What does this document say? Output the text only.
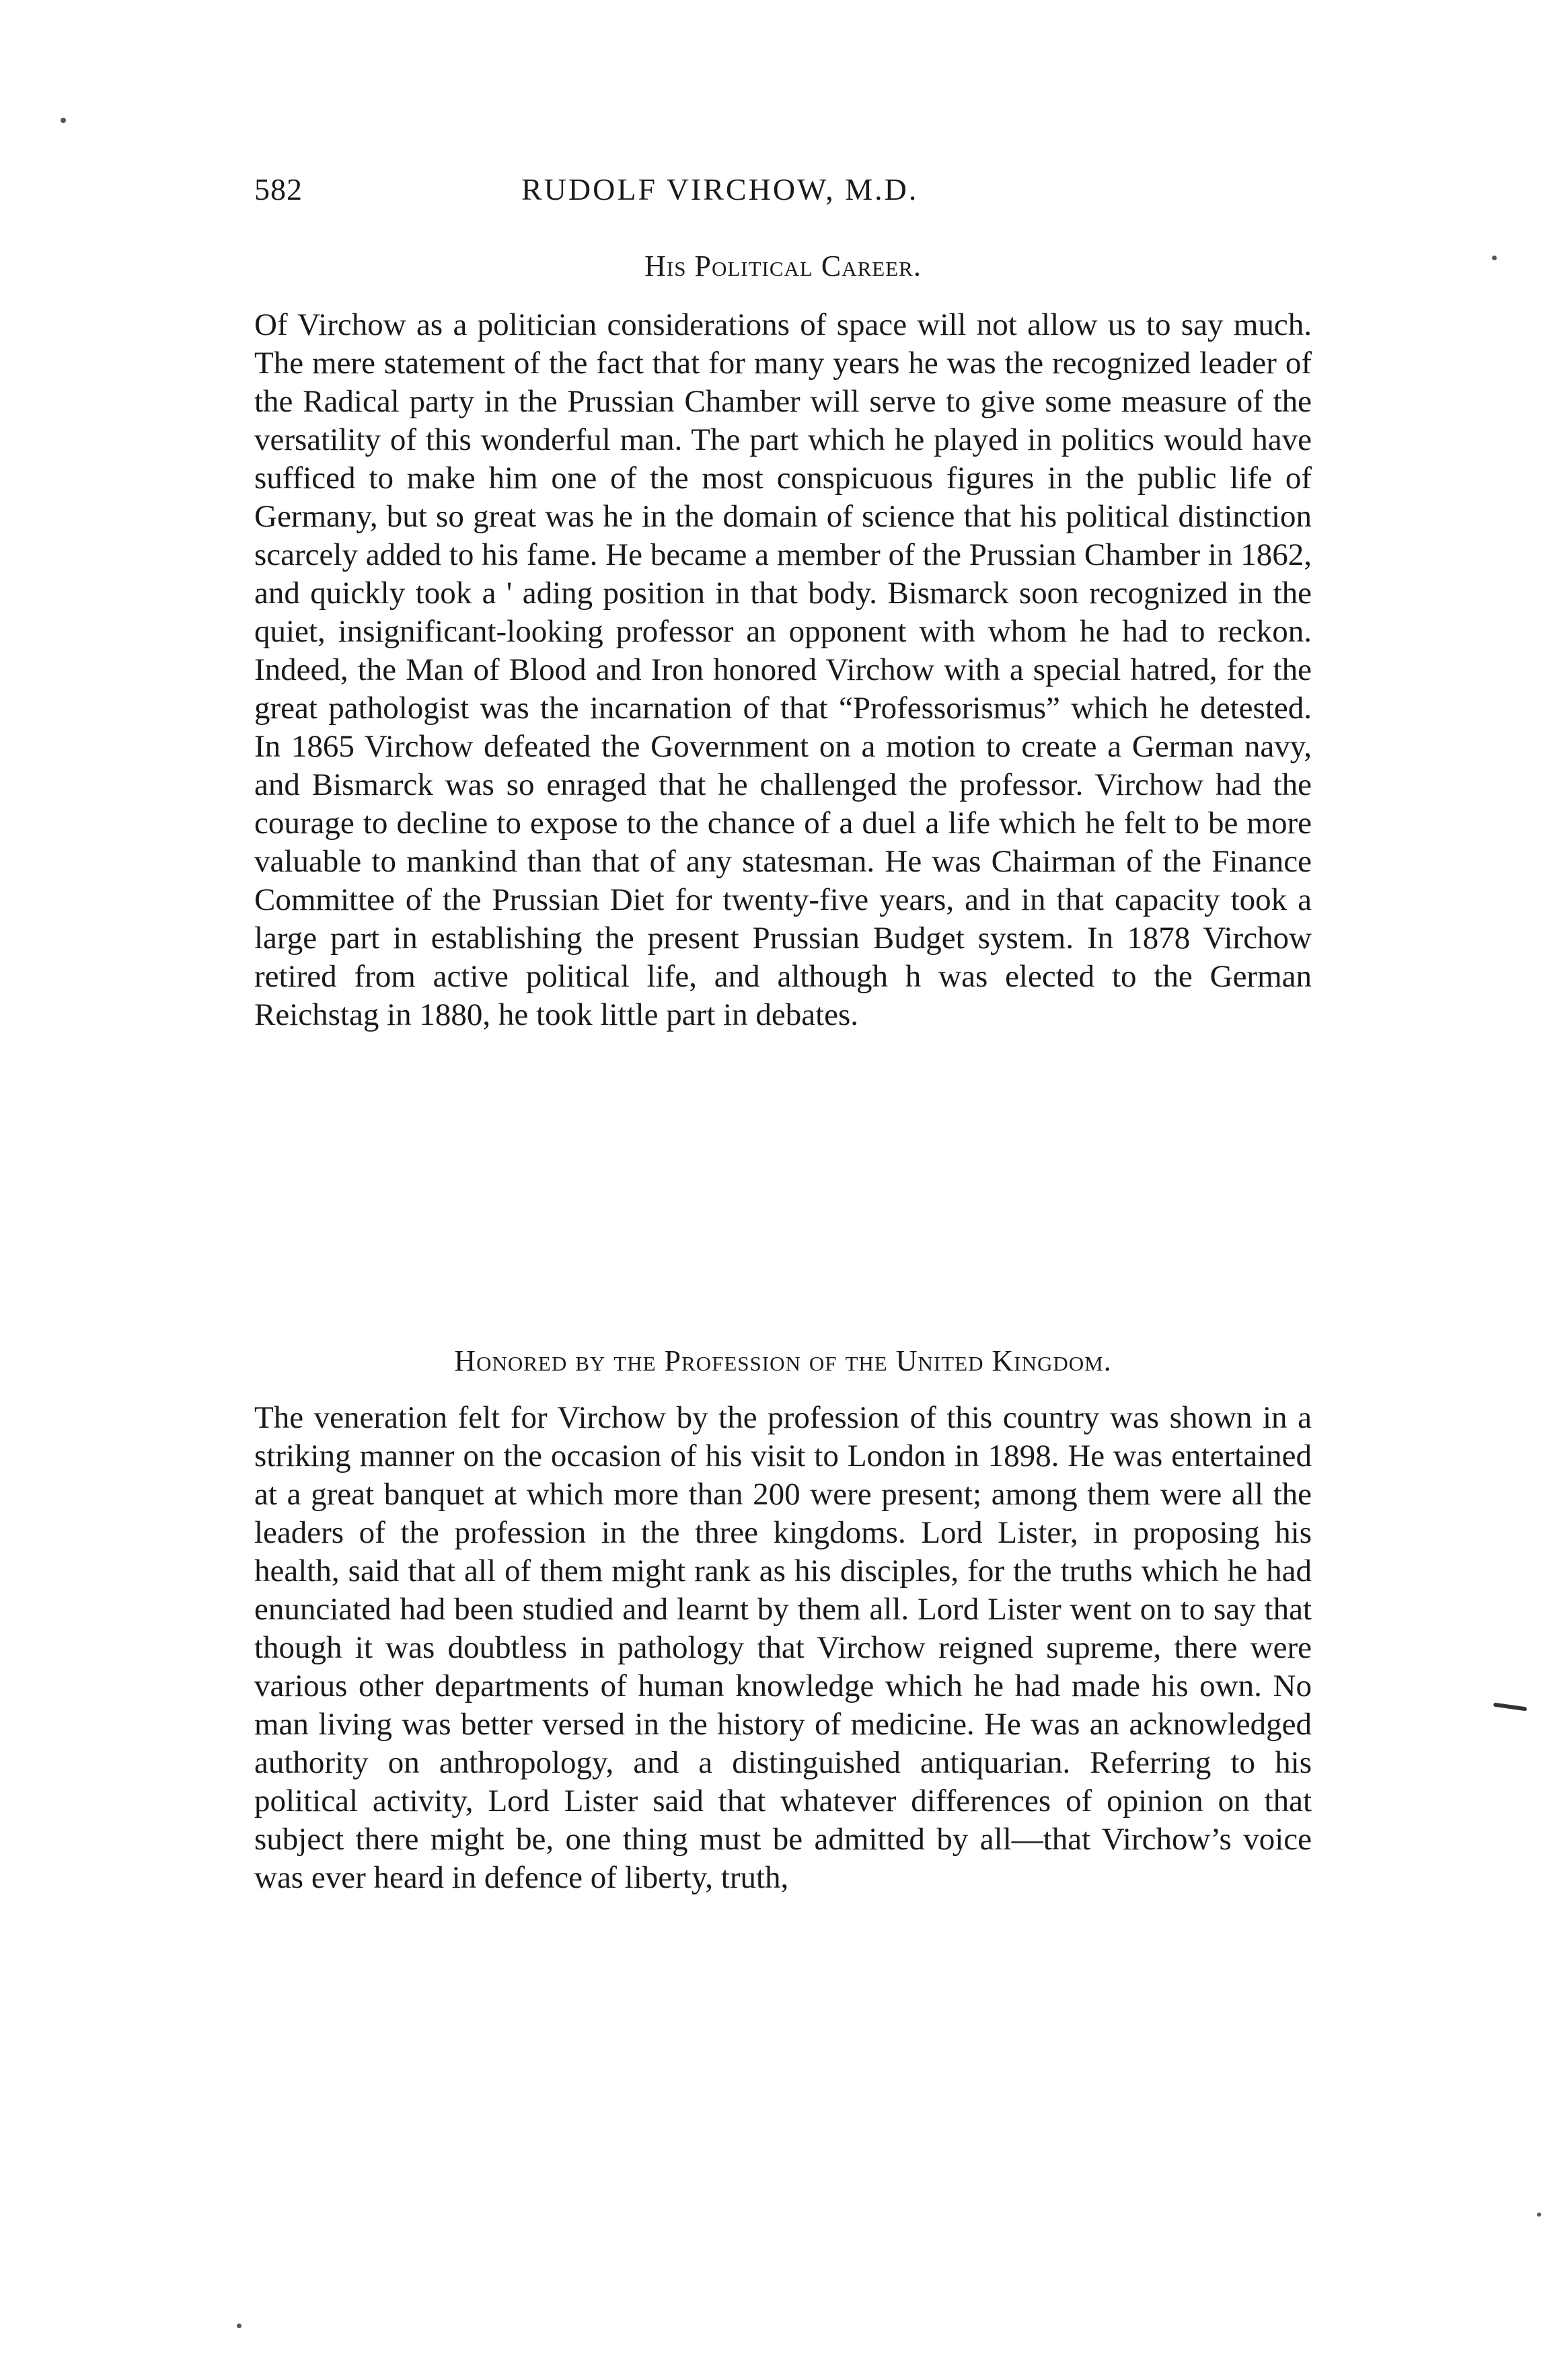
582	RUDOLF VIRCHOW, M.D.
His Political Career.

Of Virchow as a politician considerations of space will not allow us to say much. The mere statement of the fact that for many years he was the recognized leader of the Radical party in the Prussian Chamber will serve to give some measure of the versatility of this wonderful man. The part which he played in politics would have sufficed to make him one of the most conspicuous figures in the public life of Germany, but so great was he in the domain of science that his political distinction scarcely added to his fame. He became a member of the Prussian Chamber in 1862, and quickly took a ' ading position in that body. Bismarck soon recognized in the quiet, insignificant-looking professor an opponent with whom he had to reckon. Indeed, the Man of Blood and Iron honored Virchow with a special hatred, for the great pathologist was the incarnation of that “Professorismus” which he detested. In 1865 Virchow defeated the Government on a motion to create a German navy, and Bismarck was so enraged that he challenged the professor. Virchow had the courage to decline to expose to the chance of a duel a life which he felt to be more valuable to mankind than that of any statesman. He was Chairman of the Finance Committee of the Prussian Diet for twenty-five years, and in that capacity took a large part in establishing the present Prussian Budget system. In 1878 Virchow retired from active political life, and although h was elected to the German Reichstag in 1880, he took little part in debates.

Honored by the Profession of the United Kingdom.

The veneration felt for Virchow by the profession of this country was shown in a striking manner on the occasion of his visit to London in 1898. He was entertained at a great banquet at which more than 200 were present; among them were all the leaders of the profession in the three kingdoms. Lord Lister, in proposing his health, said that all of them might rank as his disciples, for the truths which he had enunciated had been studied and learnt by them all. Lord Lister went on to say that though it was doubtless in pathology that Virchow reigned supreme, there were various other departments of human knowledge which he had made his own. No man living was better versed in the history of medicine. He was an acknowledged authority on anthropology, and a distinguished antiquarian. Referring to his political activity, Lord Lister said that whatever differences of opinion on that subject there might be, one thing must be admitted by all—that Virchow’s voice was ever heard in defence of liberty, truth,
